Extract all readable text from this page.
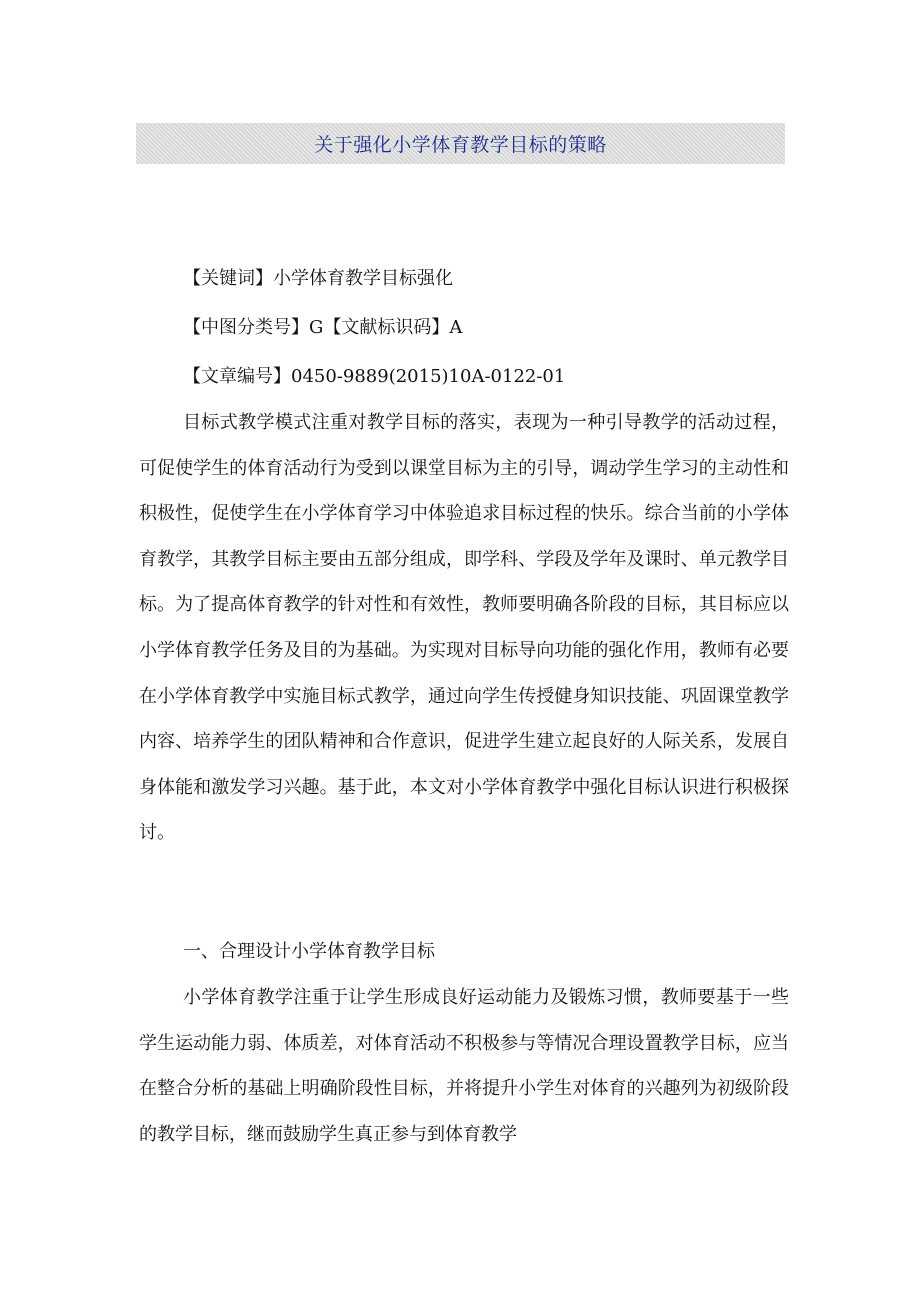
关于强化小学体育教学目标的策略
【关键词】小学体育教学目标强化
【中图分类号】G【文献标识码】A
【文章编号】0450-9889(2015)10A-0122-01

目标式教学模式注重对教学目标的落实，表现为一种引导教学的活动过程，可促使学生的体育活动行为受到以课堂目标为主的引导，调动学生学习的主动性和积极性，促使学生在小学体育学习中体验追求目标过程的快乐。综合当前的小学体育教学，其教学目标主要由五部分组成，即学科、学段及学年及课时、单元教学目标。为了提高体育教学的针对性和有效性，教师要明确各阶段的目标，其目标应以小学体育教学任务及目的为基础。为实现对目标导向功能的强化作用，教师有必要在小学体育教学中实施目标式教学，通过向学生传授健身知识技能、巩固课堂教学内容、培养学生的团队精神和合作意识，促进学生建立起良好的人际关系，发展自身体能和激发学习兴趣。基于此，本文对小学体育教学中强化目标认识进行积极探讨。

一、合理设计小学体育教学目标

小学体育教学注重于让学生形成良好运动能力及锻炼习惯，教师要基于一些学生运动能力弱、体质差，对体育活动不积极参与等情况合理设置教学目标，应当在整合分析的基础上明确阶段性目标，并将提升小学生对体育的兴趣列为初级阶段的教学目标，继而鼓励学生真正参与到体育教学
